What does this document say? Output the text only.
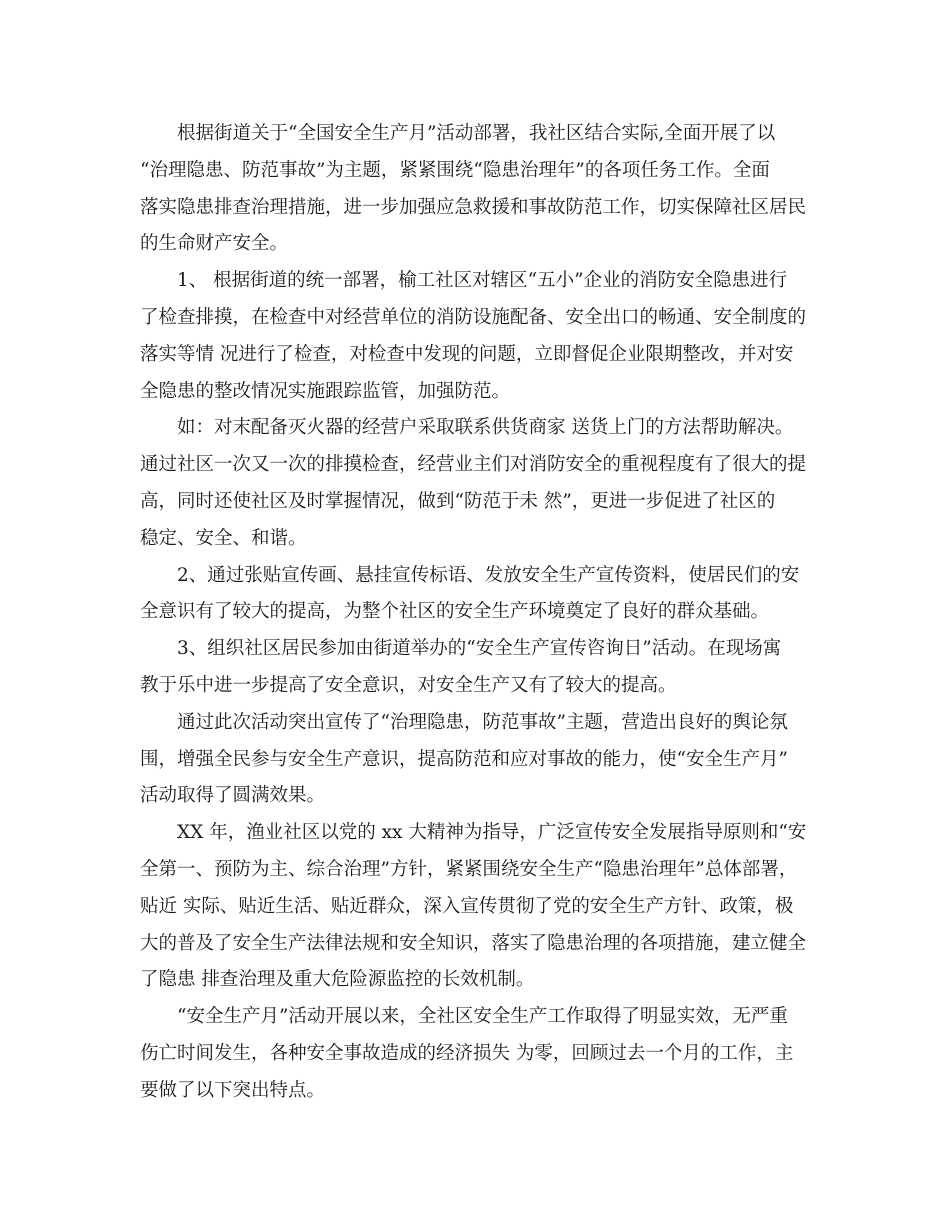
根据街道关于“全国安全生产月”活动部署，我社区结合实际,全面开展了以
“治理隐患、防范事故”为主题，紧紧围绕“隐患治理年”的各项任务工作。全面
落实隐患排查治理措施，进一步加强应急救援和事故防范工作，切实保障社区居民
的生命财产安全。
1、 根据街道的统一部署，榆工社区对辖区“五小”企业的消防安全隐患进行
了检查排摸，在检查中对经营单位的消防设施配备、安全出口的畅通、安全制度的
落实等情 况进行了检查，对检查中发现的问题，立即督促企业限期整改，并对安
全隐患的整改情况实施跟踪监管，加强防范。
如：对末配备灭火器的经营户采取联系供货商家 送货上门的方法帮助解决。
通过社区一次又一次的排摸检查，经营业主们对消防安全的重视程度有了很大的提
高，同时还使社区及时掌握情况，做到“防范于未 然”，更进一步促进了社区的
稳定、安全、和谐。
2、通过张贴宣传画、悬挂宣传标语、发放安全生产宣传资料，使居民们的安
全意识有了较大的提高，为整个社区的安全生产环境奠定了良好的群众基础。
3、组织社区居民参加由街道举办的“安全生产宣传咨询日”活动。在现场寓
教于乐中进一步提高了安全意识，对安全生产又有了较大的提高。
通过此次活动突出宣传了“治理隐患，防范事故”主题，营造出良好的舆论氛
围，增强全民参与安全生产意识，提高防范和应对事故的能力，使“安全生产月”
活动取得了圆满效果。
XX 年，渔业社区以党的 xx 大精神为指导，广泛宣传安全发展指导原则和“安
全第一、预防为主、综合治理”方针，紧紧围绕安全生产“隐患治理年”总体部署，
贴近 实际、贴近生活、贴近群众，深入宣传贯彻了党的安全生产方针、政策，极
大的普及了安全生产法律法规和安全知识，落实了隐患治理的各项措施，建立健全
了隐患 排查治理及重大危险源监控的长效机制。
“安全生产月”活动开展以来，全社区安全生产工作取得了明显实效，无严重
伤亡时间发生，各种安全事故造成的经济损失 为零，回顾过去一个月的工作，主
要做了以下突出特点。
